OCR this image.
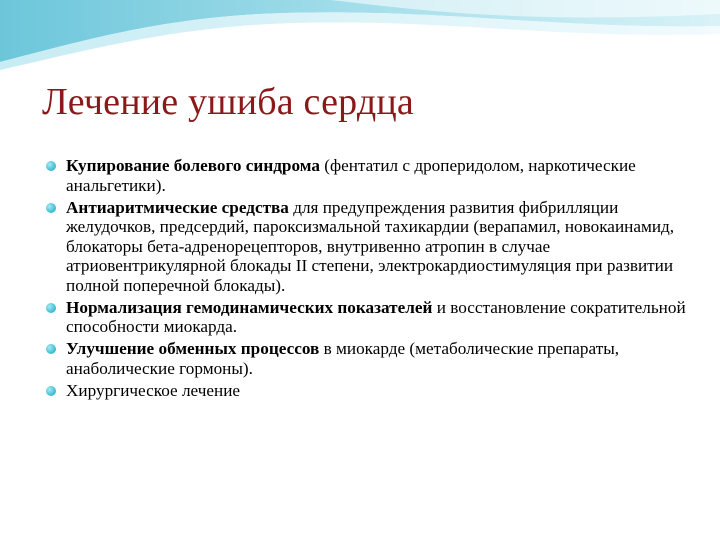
Лечение ушиба сердца
Купирование болевого синдрома (фентатил с дроперидолом, наркотические анальгетики).
Антиаритмические средства для предупреждения развития фибрилляции желудочков, предсердий, пароксизмальной тахикардии (верапамил, новокаинамид, блокаторы бета-адренорецепторов, внутривенно атропин в случае атриовентрикулярной блокады II степени, электрокардиостимуляция при развитии полной поперечной блокады).
Нормализация гемодинамических показателей и восстановление сократительной способности миокарда.
Улучшение обменных процессов в миокарде (метаболические препараты, анаболические гормоны).
Хирургическое лечение
